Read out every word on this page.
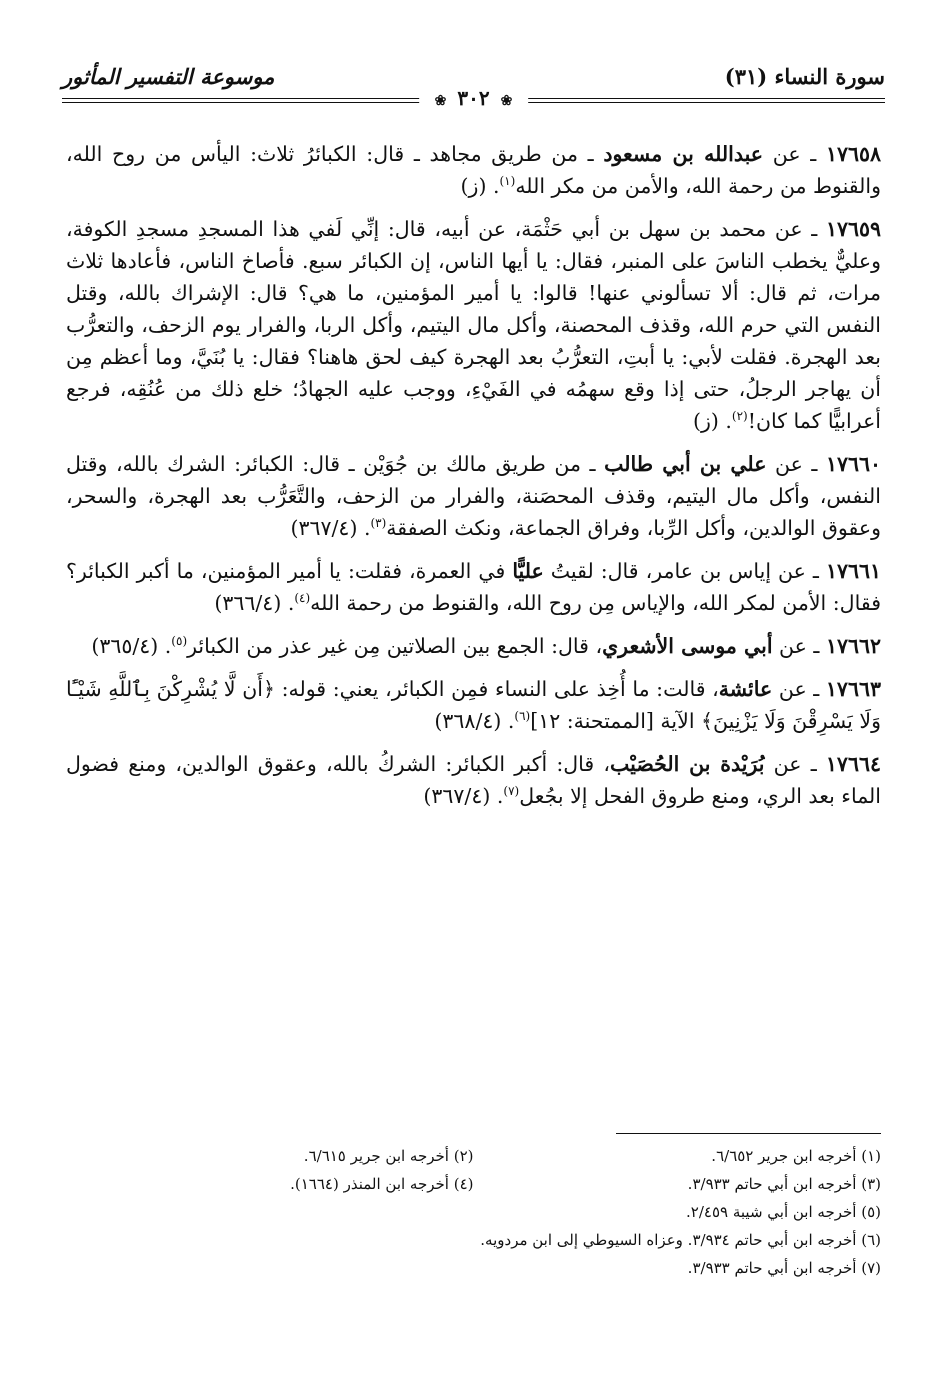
سورة النساء (٣١)
موسوعة التفسير المأثور
❀ ٣٠٢ ❀

١٧٦٥٨ ـ عن عبدالله بن مسعود ـ من طريق مجاهد ـ قال: الكبائرُ ثلاث: اليأس من روح الله، والقنوط من رحمة الله، والأمن من مكر الله$^{(١)}$. (ز)

١٧٦٥٩ ـ عن محمد بن سهل بن أبي حَثْمَة، عن أبيه، قال: إنِّي لَفي هذا المسجدِ مسجدِ الكوفة، وعليٌّ يخطب الناسَ على المنبر، فقال: يا أيها الناس، إن الكبائر سبع. فأصاخ الناس، فأعادها ثلاث مرات، ثم قال: ألا تسألوني عنها! قالوا: يا أمير المؤمنين، ما هي؟ قال: الإشراك بالله، وقتل النفس التي حرم الله، وقذف المحصنة، وأكل مال اليتيم، وأكل الربا، والفرار يوم الزحف، والتعرُّب بعد الهجرة. فقلت لأبي: يا أبتِ، التعرُّبُ بعد الهجرة كيف لحق هاهنا؟ فقال: يا بُنَيَّ، وما أعظم مِن أن يهاجر الرجلُ، حتى إذا وقع سهمُه في الفَيْءِ، ووجب عليه الجهادُ؛ خلع ذلك من عُنُقِه، فرجع أعرابيًّا كما كان!$^{(٢)}$. (ز)

١٧٦٦٠ ـ عن علي بن أبي طالب ـ من طريق مالك بن جُوَيْن ـ قال: الكبائر: الشرك بالله، وقتل النفس، وأكل مال اليتيم، وقذف المحصَنة، والفرار من الزحف، والتَّعَرُّب بعد الهجرة، والسحر، وعقوق الوالدين، وأكل الرِّبا، وفراق الجماعة، ونكث الصفقة$^{(٣)}$. (٣٦٧/٤)

١٧٦٦١ ـ عن إياس بن عامر، قال: لقيتُ عليًّا في العمرة، فقلت: يا أمير المؤمنين، ما أكبر الكبائر؟ فقال: الأمن لمكر الله، والإياس مِن روح الله، والقنوط من رحمة الله$^{(٤)}$. (٣٦٦/٤)

١٧٦٦٢ ـ عن أبي موسى الأشعري، قال: الجمع بين الصلاتين مِن غير عذر من الكبائر$^{(٥)}$. (٣٦٥/٤)

١٧٦٦٣ ـ عن عائشة، قالت: ما أُخِذ على النساء فمِن الكبائر، يعني: قوله: ﴿أَن لَّا يُشْرِكْنَ بِٱللَّهِ شَيْـًٔا وَلَا يَسْرِقْنَ وَلَا يَزْنِينَ﴾ الآية [الممتحنة: ١٢]$^{(٦)}$. (٣٦٨/٤)

١٧٦٦٤ ـ عن بُرَيْدة بن الحُصَيْب، قال: أكبر الكبائر: الشركُ بالله، وعقوق الوالدين، ومنع فضول الماء بعد الري، ومنع طروق الفحل إلا بجُعل$^{(٧)}$. (٣٦٧/٤)

(١) أخرجه ابن جرير ٦/٦٥٢.
(٢) أخرجه ابن جرير ٦/٦١٥.
(٣) أخرجه ابن أبي حاتم ٣/٩٣٣.
(٤) أخرجه ابن المنذر (١٦٦٤).
(٥) أخرجه ابن أبي شيبة ٢/٤٥٩.
(٦) أخرجه ابن أبي حاتم ٣/٩٣٤. وعزاه السيوطي إلى ابن مردويه.
(٧) أخرجه ابن أبي حاتم ٣/٩٣٣.
